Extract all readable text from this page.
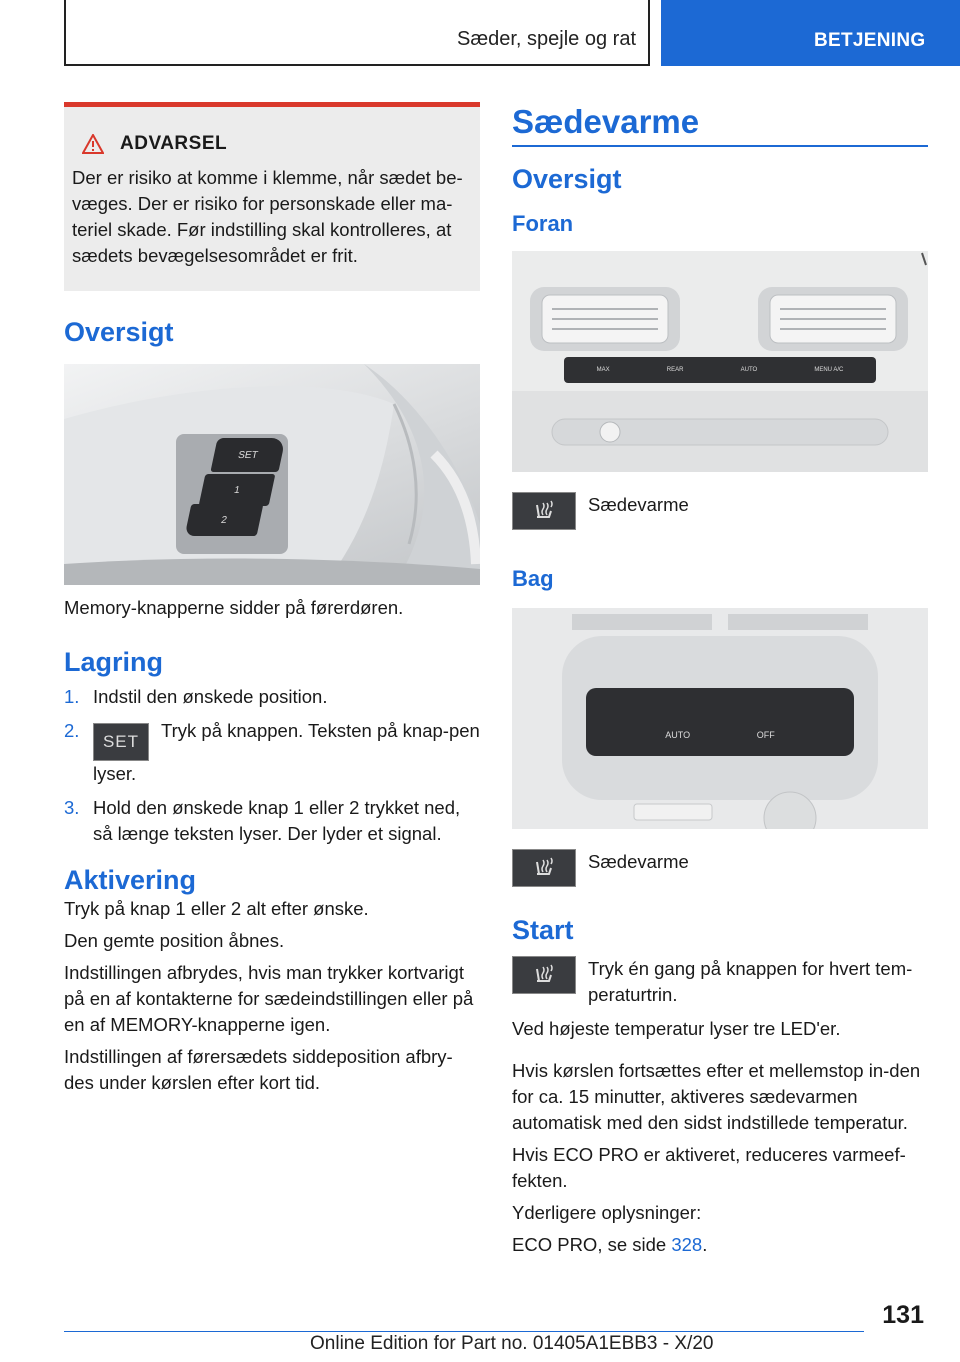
Sæder, spejle og rat	BETJENING
ADVARSEL

Der er risiko at komme i klemme, når sædet be-væges. Der er risiko for personskade eller ma-teriel skade. Før indstilling skal kontrolleres, at sædets bevægelsesområdet er frit.

Oversigt
SET
1
2

Memory-knapperne sidder på førerdøren.

Lagring
1. Indstil den ønskede position.
2.
SET
Tryk på knappen. Teksten på knap-pen lyser.
3. Hold den ønskede knap 1 eller 2 trykket ned, så længe teksten lyser. Der lyder et signal.
Aktivering

Tryk på knap 1 eller 2 alt efter ønske.

Den gemte position åbnes.

Indstillingen afbrydes, hvis man trykker kortvarigt på en af kontakterne for sædeindstillingen eller på en af MEMORY-knapperne igen.

Indstillingen af førersædets siddeposition afbry-des under kørslen efter kort tid.

Sædevarme
Oversigt
Foran
MAX	REAR	AUTO	MENU A/C
Sædevarme
Bag
AUTO	OFF
Sædevarme
Start
Tryk én gang på knappen for hvert tem-peraturtrin.

Ved højeste temperatur lyser tre LED'er.

Hvis kørslen fortsættes efter et mellemstop in-den for ca. 15 minutter, aktiveres sædevarmen automatisk med den sidst indstillede temperatur.

Hvis ECO PRO er aktiveret, reduceres varmeef-fekten.

Yderligere oplysninger:

ECO PRO, se side 328.

131
Online Edition for Part no. 01405A1EBB3 - X/20
